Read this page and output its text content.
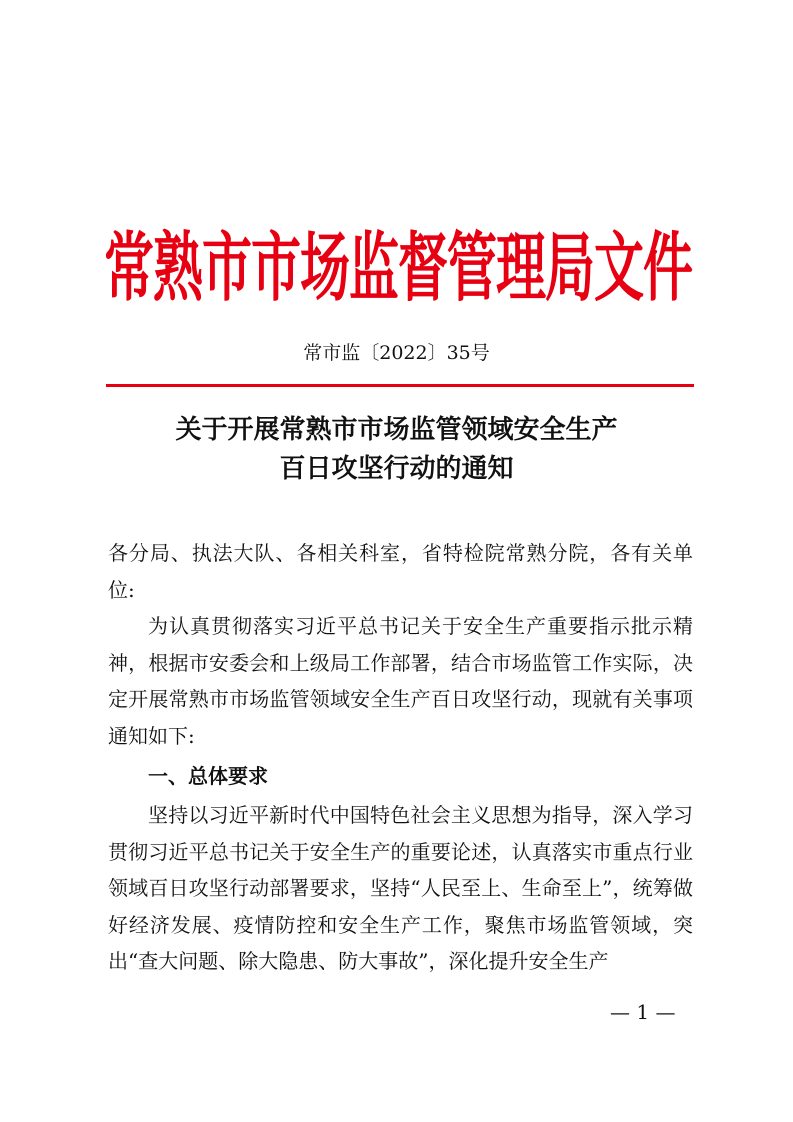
常熟市市场监督管理局文件
常市监〔2022〕35号
关于开展常熟市市场监管领域安全生产
百日攻坚行动的通知
各分局、执法大队、各相关科室，省特检院常熟分院，各有关单位:
为认真贯彻落实习近平总书记关于安全生产重要指示批示精神，根据市安委会和上级局工作部署，结合市场监管工作实际，决定开展常熟市市场监管领域安全生产百日攻坚行动，现就有关事项通知如下:
一、总体要求
坚持以习近平新时代中国特色社会主义思想为指导，深入学习贯彻习近平总书记关于安全生产的重要论述，认真落实市重点行业领域百日攻坚行动部署要求，坚持“人民至上、生命至上”，统筹做好经济发展、疫情防控和安全生产工作，聚焦市场监管领域，突出“查大问题、除大隐患、防大事故”，深化提升安全生产
— 1 —
